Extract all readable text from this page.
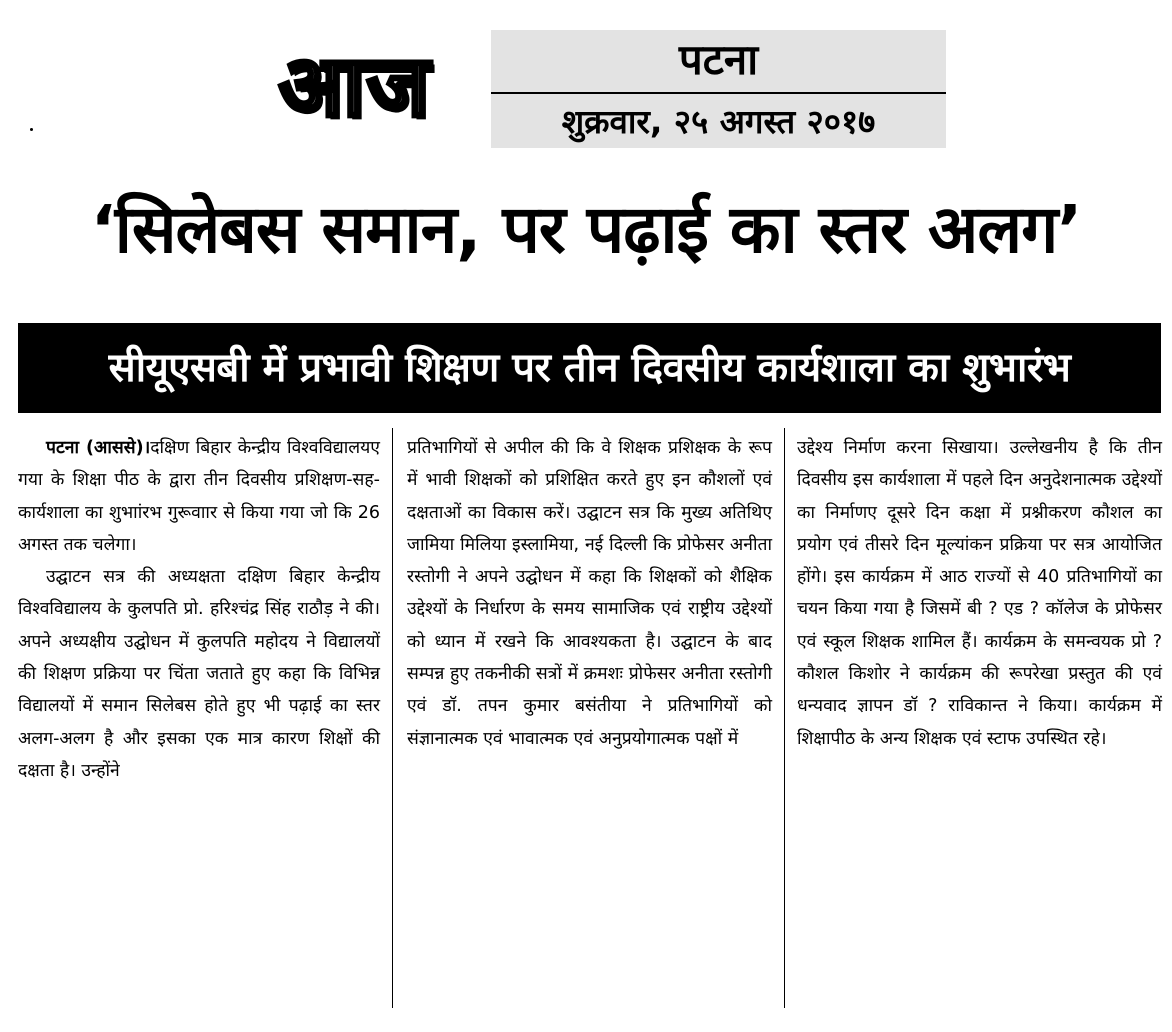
आज	पटना
शुक्रवार, २५ अगस्त २०१७
‘सिलेबस समान, पर पढ़ाई का स्तर अलग’
सीयूएसबी में प्रभावी शिक्षण पर तीन दिवसीय कार्यशाला का शुभारंभ

पटना (आससे)।दक्षिण बिहार केन्द्रीय विश्वविद्यालयए गया के शिक्षा पीठ के द्वारा तीन दिवसीय प्रशिक्षण-सह-कार्यशाला का शुभाांरभ गुरूवाार से किया गया जो कि 26 अगस्त तक चलेगा।

उद्घाटन सत्र की अध्यक्षता दक्षिण बिहार केन्द्रीय विश्वविद्यालय के कुलपति प्रो. हरिश्चंद्र सिंह राठौड़ ने की। अपने अध्यक्षीय उद्घोधन में कुलपति महोदय ने विद्यालयों की शिक्षण प्रक्रिया पर चिंता जताते हुए कहा कि विभिन्न विद्यालयों में समान सिलेबस होते हुए भी पढ़ाई का स्तर अलग-अलग है और इसका एक मात्र कारण शिक्षों की दक्षता है। उन्होंने

प्रतिभागियों से अपील की कि वे शिक्षक प्रशिक्षक के रूप में भावी शिक्षकों को प्रशिक्षित करते हुए इन कौशलों एवं दक्षताओं का विकास करें। उद्घाटन सत्र कि मुख्य अतिथिए जामिया मिलिया इस्लामिया, नई दिल्ली कि प्रोफेसर अनीता रस्तोगी ने अपने उद्घोधन में कहा कि शिक्षकों को शैक्षिक उद्देश्यों के निर्धारण के समय सामाजिक एवं राष्ट्रीय उद्देश्यों को ध्यान में रखने कि आवश्यकता है। उद्घाटन के बाद सम्पन्न हुए तकनीकी सत्रों में क्रमशः प्रोफेसर अनीता रस्तोगी एवं डॉ. तपन कुमार बसंतीया ने प्रतिभागियों को संज्ञानात्मक एवं भावात्मक एवं अनुप्रयोगात्मक पक्षों में

उद्देश्य निर्माण करना सिखाया। उल्लेखनीय है कि तीन दिवसीय इस कार्यशाला में पहले दिन अनुदेशनात्मक उद्देश्यों का निर्माणए दूसरे दिन कक्षा में प्रश्नीकरण कौशल का प्रयोग एवं तीसरे दिन मूल्यांकन प्रक्रिया पर सत्र आयोजित होंगे। इस कार्यक्रम में आठ राज्यों से 40 प्रतिभागियों का चयन किया गया है जिसमें बी ? एड ? कॉलेज के प्रोफेसर एवं स्कूल शिक्षक शामिल हैं। कार्यक्रम के समन्वयक प्रो ? कौशल किशोर ने कार्यक्रम की रूपरेखा प्रस्तुत की एवं धन्यवाद ज्ञापन डॉ ? राविकान्त ने किया। कार्यक्रम में शिक्षापीठ के अन्य शिक्षक एवं स्टाफ उपस्थित रहे।
